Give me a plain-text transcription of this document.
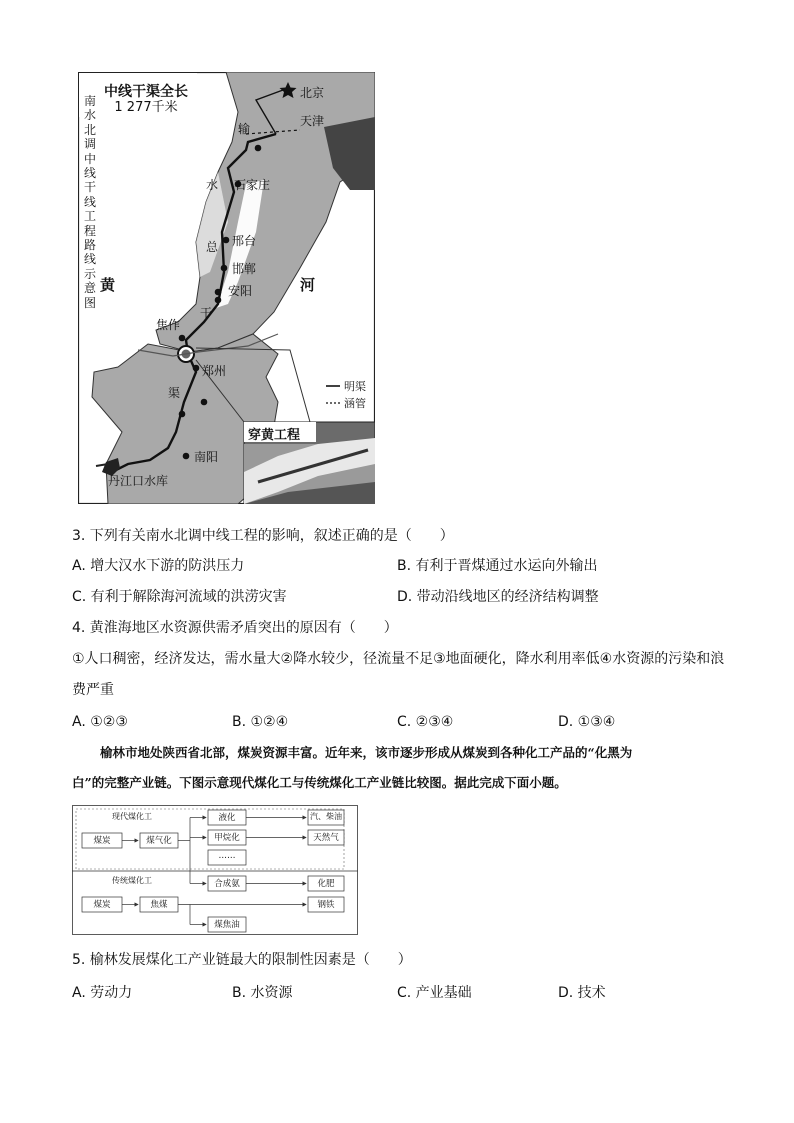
中线干渠全长
1 277千米
南水北调中线干线工程路线示意图
黄	河
输
水
总
干
渠
北京
天津
石家庄
邢台
邯郸
安阳
焦作
郑州
南阳
丹江口水库
明渠
涵管
穿黄工程
3. 下列有关南水北调中线工程的影响，叙述正确的是（　　）
A. 增大汉水下游的防洪压力	B. 有利于晋煤通过水运向外输出
C. 有利于解除海河流域的洪涝灾害	D. 带动沿线地区的经济结构调整
4. 黄淮海地区水资源供需矛盾突出的原因有（　　）
①人口稠密，经济发达，需水量大②降水较少，径流量不足③地面硬化，降水利用率低④水资源的污染和浪费严重
A. ①②③	B. ①②④	C. ②③④	D. ①③④
榆林市地处陕西省北部，煤炭资源丰富。近年来，该市逐步形成从煤炭到各种化工产品的“化黑为
白”的完整产业链。下图示意现代煤化工与传统煤化工产业链比较图。据此完成下面小题。
现代煤化工
传统煤化工
煤炭	煤气化
液化
甲烷化
……
汽、柴油
天然气
合成氨	化肥
煤炭	焦煤	钢铁
煤焦油
5. 榆林发展煤化工产业链最大的限制性因素是（　　）
A. 劳动力	B. 水资源	C. 产业基础	D. 技术
